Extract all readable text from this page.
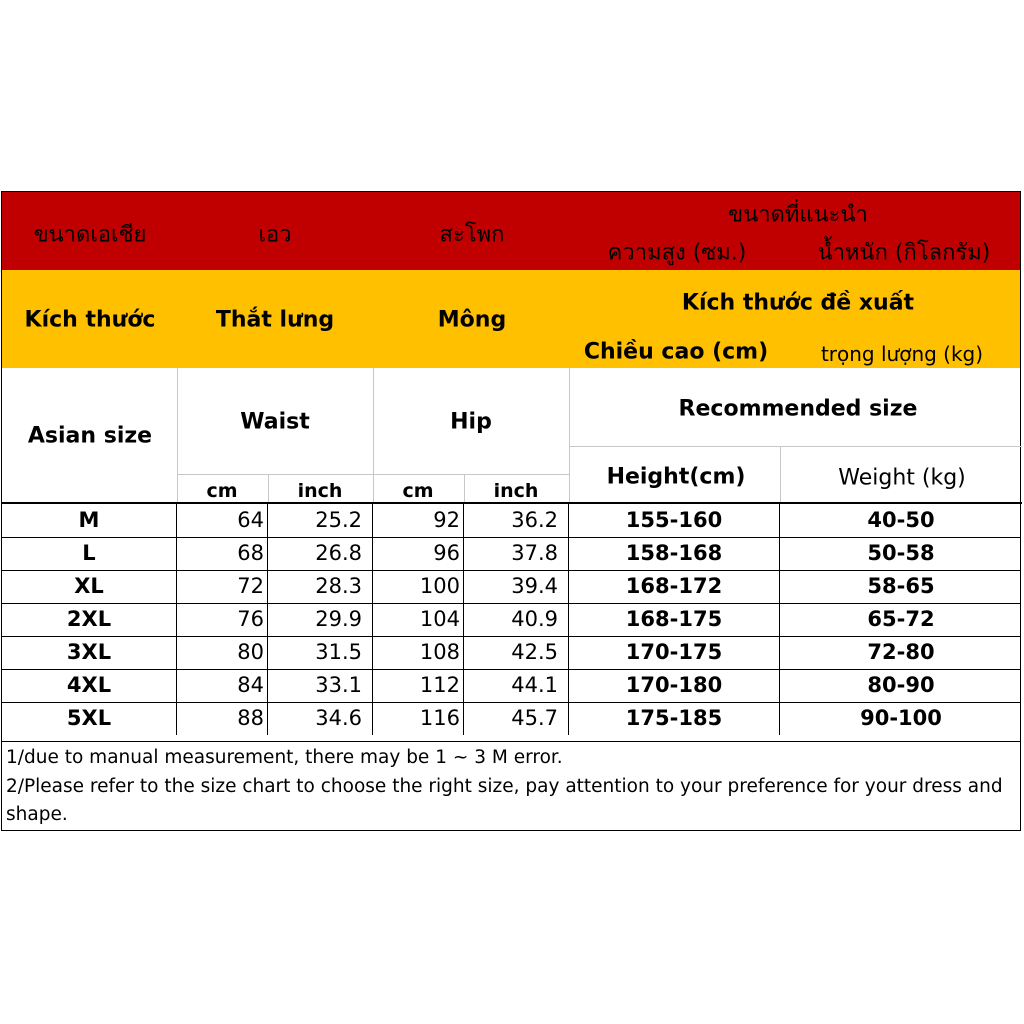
ขนาดเอเชีย	เอว	สะโพก
ขนาดที่แนะนำ
ความสูง (ซม.)	น้ำหนัก (กิโลกรัม)
Kích thước	Thắt lưng	Mông
Kích thước đề xuất
Chiều cao (cm)	trọng lượng (kg)
Asian size
Waist	Hip
Recommended size
Height(cm)	Weight (kg)
cm	inch	cm	inch
M	64	25.2	92	36.2	155-160	40-50
L	68	26.8	96	37.8	158-168	50-58
XL	72	28.3	100	39.4	168-172	58-65
2XL	76	29.9	104	40.9	168-175	65-72
3XL	80	31.5	108	42.5	170-175	72-80
4XL	84	33.1	112	44.1	170-180	80-90
5XL	88	34.6	116	45.7	175-185	90-100
1/due to manual measurement, there may be 1 ~ 3 M error.
2/Please refer to the size chart to choose the right size, pay attention to your preference for your dress and shape.
